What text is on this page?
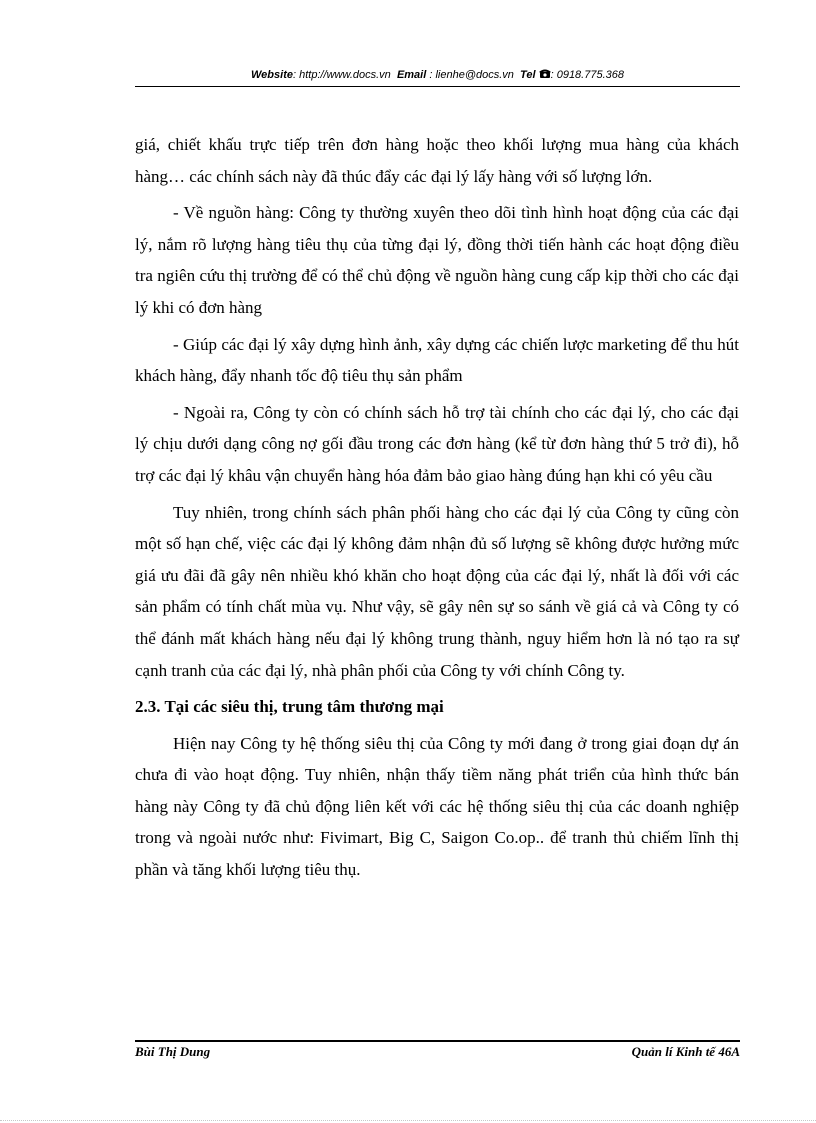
Website: http://www.docs.vn Email : lienhe@docs.vn Tel : 0918.775.368

giá, chiết khấu trực tiếp trên đơn hàng hoặc theo khối lượng mua hàng của khách hàng… các chính sách này đã thúc đẩy các đại lý lấy hàng với số lượng lớn.

- Về nguồn hàng: Công ty thường xuyên theo dõi tình hình hoạt động của các đại lý, nắm rõ lượng hàng tiêu thụ của từng đại lý, đồng thời tiến hành các hoạt động điều tra ngiên cứu thị trường để có thể chủ động về nguồn hàng cung cấp kịp thời cho các đại lý khi có đơn hàng

- Giúp các đại lý xây dựng hình ảnh, xây dựng các chiến lược marketing để thu hút khách hàng, đẩy nhanh tốc độ tiêu thụ sản phẩm

- Ngoài ra, Công ty còn có chính sách hỗ trợ tài chính cho các đại lý, cho các đại lý chịu dưới dạng công nợ gối đầu trong các đơn hàng (kể từ đơn hàng thứ 5 trở đi), hỗ trợ các đại lý khâu vận chuyển hàng hóa đảm bảo giao hàng đúng hạn khi có yêu cầu

Tuy nhiên, trong chính sách phân phối hàng cho các đại lý của Công ty cũng còn một số hạn chế, việc các đại lý không đảm nhận đủ số lượng sẽ không được hưởng mức giá ưu đãi đã gây nên nhiều khó khăn cho hoạt động của các đại lý, nhất là đối với các sản phẩm có tính chất mùa vụ. Như vậy, sẽ gây nên sự so sánh về giá cả và Công ty có thể đánh mất khách hàng nếu đại lý không trung thành, nguy hiểm hơn là nó tạo ra sự cạnh tranh của các đại lý, nhà phân phối của Công ty với chính Công ty.

2.3. Tại các siêu thị, trung tâm thương mại

Hiện nay Công ty hệ thống siêu thị của Công ty mới đang ở trong giai đoạn dự án chưa đi vào hoạt động. Tuy nhiên, nhận thấy tiềm năng phát triển của hình thức bán hàng này Công ty đã chủ động liên kết với các hệ thống siêu thị của các doanh nghiệp trong và ngoài nước như: Fivimart, Big C, Saigon Co.op.. để tranh thủ chiếm lĩnh thị phần và tăng khối lượng tiêu thụ.

Bùi Thị Dung	Quản lí Kinh tế 46A
